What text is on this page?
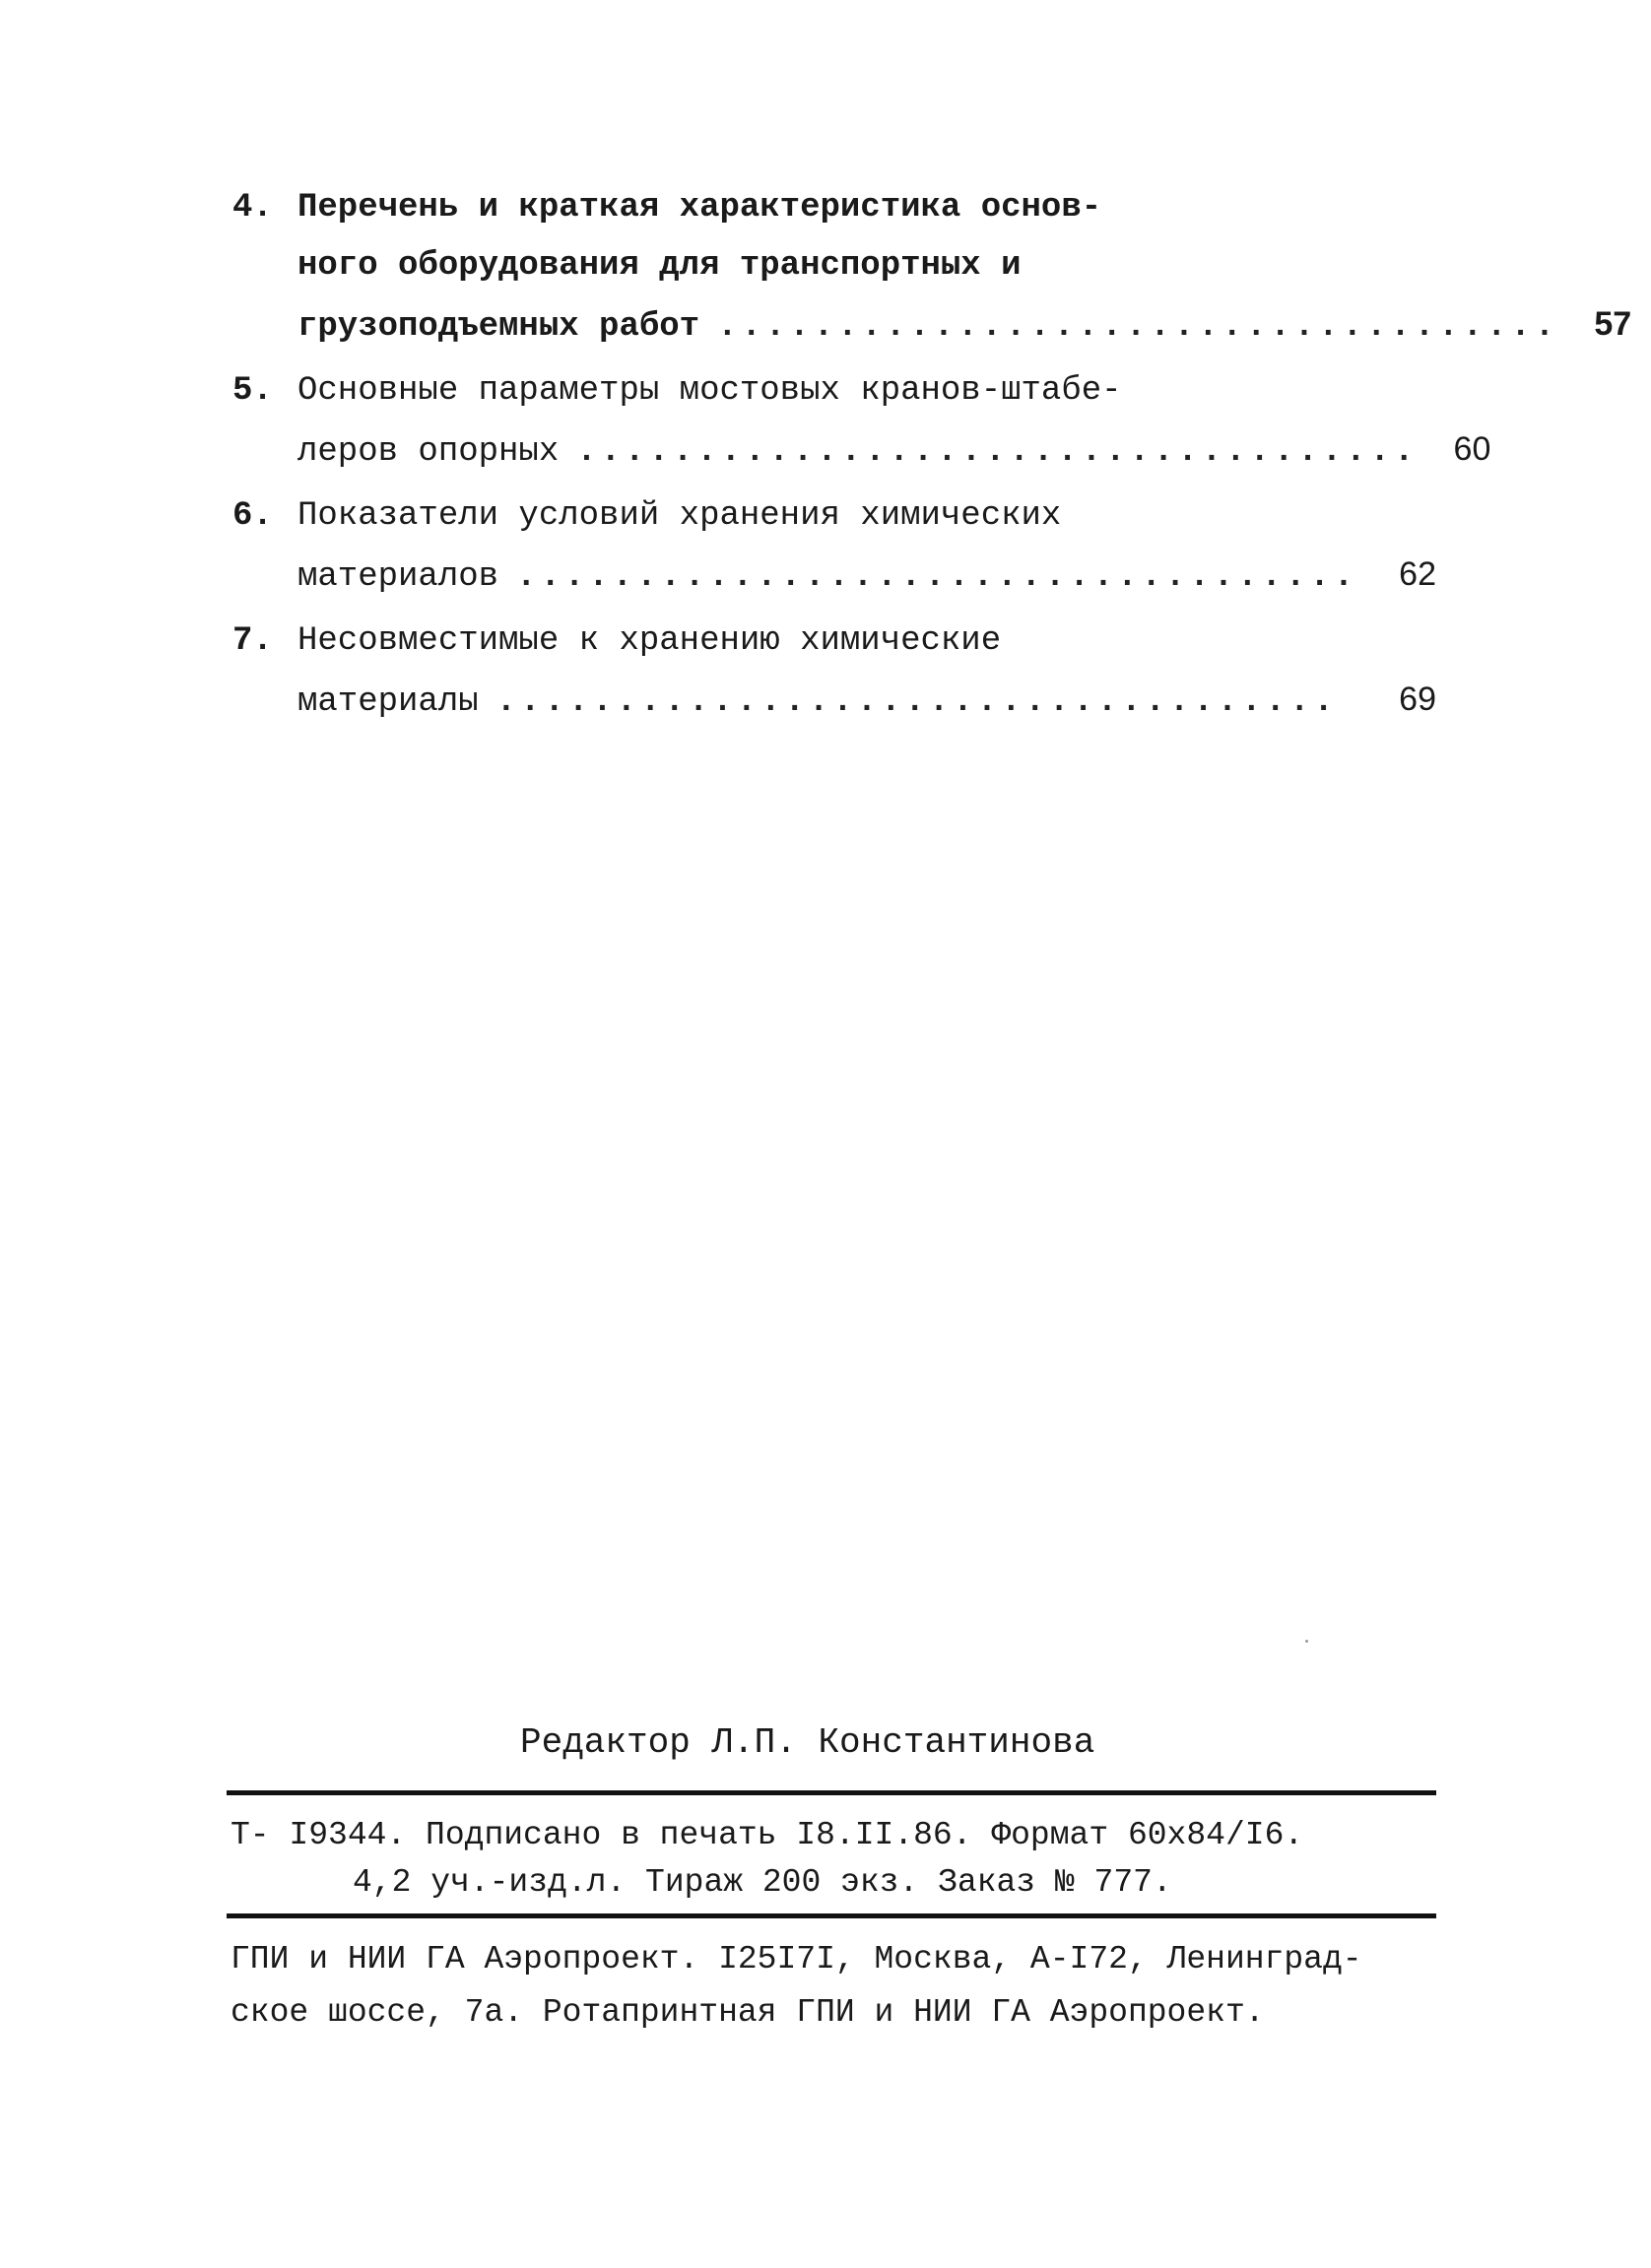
4. Перечень и краткая характеристика основ-
ного оборудования для транспортных и
грузоподъемных работ ...................................	57
5. Основные параметры мостовых кранов-штабе-
леров опорных ...................................	60
6. Показатели условий хранения химических
материалов ...................................	62
7. Несовместимые к хранению химические
материалы ...................................	69
Редактор Л.П. Константинова
Т- I9344. Подписано в печать I8.II.86. Формат 60х84/I6.
4,2 уч.-изд.л. Тираж 200 экз. Заказ № 777.
ГПИ и НИИ ГА Аэропроект. I25I7I, Москва, А-I72, Ленинград-
ское шоссе, 7а. Ротапринтная ГПИ и НИИ ГА Аэропроект.
